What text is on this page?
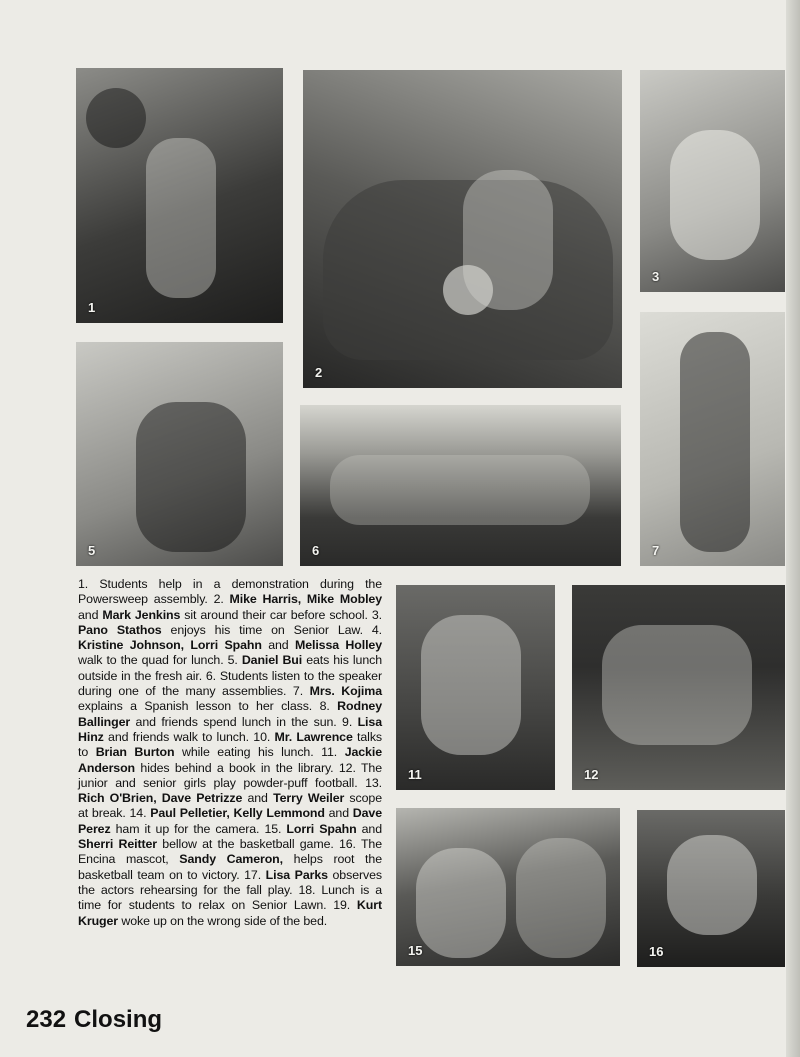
1
2
3
5	6	7
11	12
15	16
1. Students help in a demonstration during the Powersweep assembly. 2. Mike Harris, Mike Mobley and Mark Jenkins sit around their car before school. 3. Pano Stathos enjoys his time on Senior Law. 4. Kristine Johnson, Lorri Spahn and Melissa Holley walk to the quad for lunch. 5. Daniel Bui eats his lunch outside in the fresh air. 6. Students listen to the speaker during one of the many assemblies. 7. Mrs. Kojima explains a Spanish lesson to her class. 8. Rodney Ballinger and friends spend lunch in the sun. 9. Lisa Hinz and friends walk to lunch. 10. Mr. Lawrence talks to Brian Burton while eating his lunch. 11. Jackie Anderson hides behind a book in the library. 12. The junior and senior girls play powder-puff football. 13. Rich O'Brien, Dave Petrizze and Terry Weiler scope at break. 14. Paul Pelletier, Kelly Lemmond and Dave Perez ham it up for the camera. 15. Lorri Spahn and Sherri Reitter bellow at the basketball game. 16. The Encina mascot, Sandy Cameron, helps root the basketball team on to victory. 17. Lisa Parks observes the actors rehearsing for the fall play. 18. Lunch is a time for students to relax on Senior Lawn. 19. Kurt Kruger woke up on the wrong side of the bed.
232 Closing
